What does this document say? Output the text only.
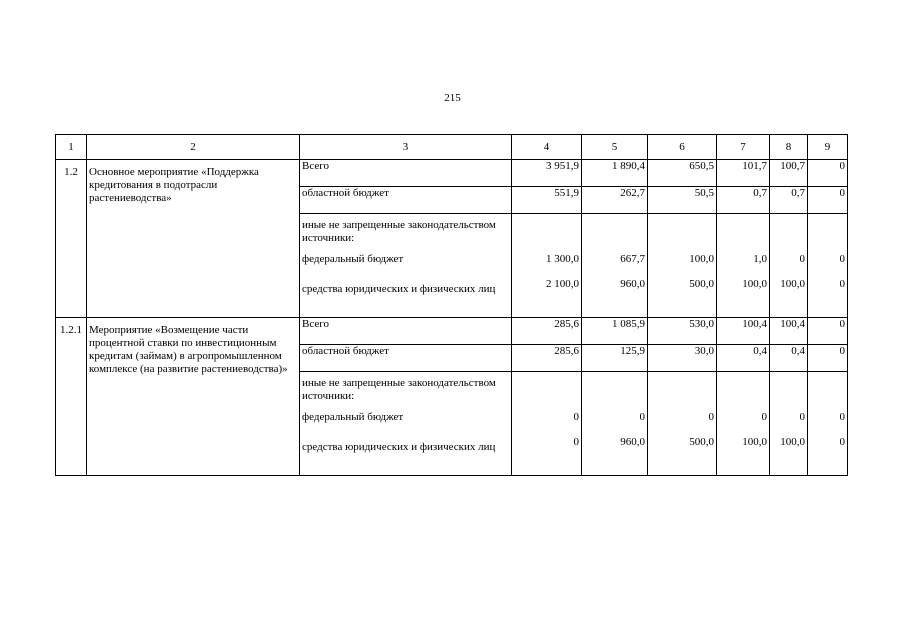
215
1	2	3	4	5	6	7	8	9
1.2	Основное мероприятие «Поддержка кредитования в подотрасли растениеводства»	Всего	3 951,9	1 890,4	650,5	101,7	100,7	0
		областной бюджет	551,9	262,7	50,5	0,7	0,7	0
		иные не запрещенные законодательством источники:						
		федеральный бюджет	1 300,0	667,7	100,0	1,0	0	0
		средства юридических и физических лиц	2 100,0	960,0	500,0	100,0	100,0	0
1.2.1	Мероприятие «Возмещение части процентной ставки по инвестиционным кредитам (займам) в агропромышленном комплексе (на развитие растениеводства)»	Всего	285,6	1 085,9	530,0	100,4	100,4	0
		областной бюджет	285,6	125,9	30,0	0,4	0,4	0
		иные не запрещенные законодательством источники:						
		федеральный бюджет	0	0	0	0	0	0
		средства юридических и физических лиц	0	960,0	500,0	100,0	100,0	0
